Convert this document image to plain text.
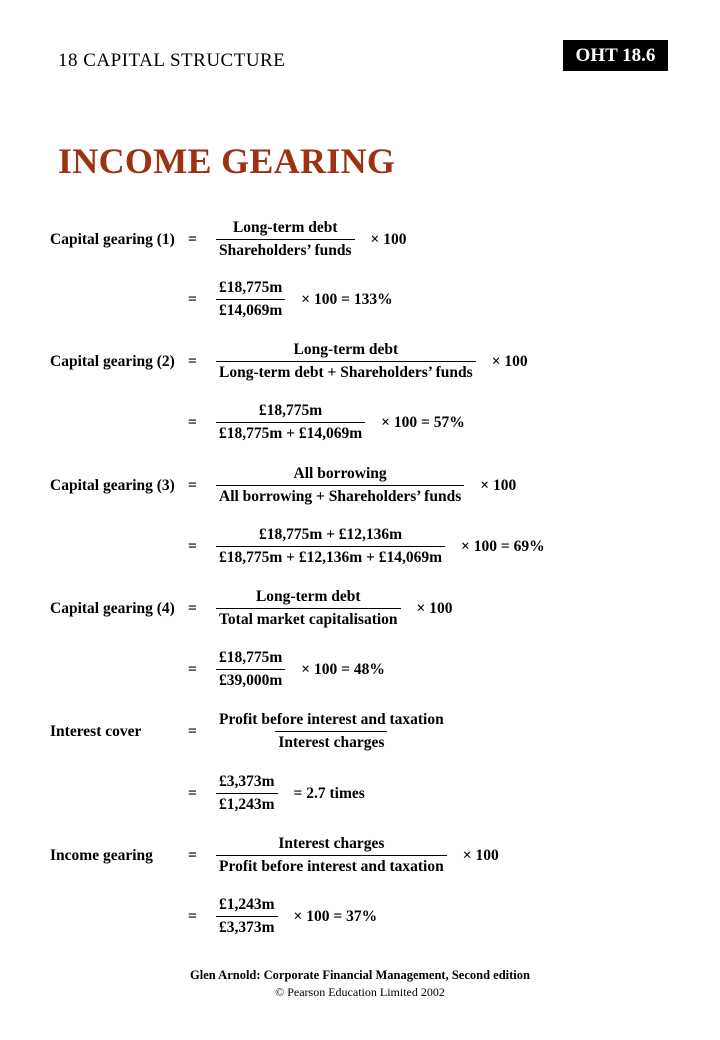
18 CAPITAL STRUCTURE	OHT 18.6
INCOME GEARING
Capital gearing $(1) = \frac{\text{Long-term debt}}{\text{Shareholders’ funds}} \times 100$
= $\frac{£18,775m}{£14,069m} \times 100 = 133\%$
Capital gearing $(2) = \frac{\text{Long-term debt}}{\text{Long-term debt + Shareholders’ funds}} \times 100$
= $\frac{£18,775m}{£18,775m + £14,069m} \times 100 = 57\%$
Capital gearing $(3) = \frac{\text{All borrowing}}{\text{All borrowing + Shareholders’ funds}} \times 100$
= $\frac{£18,775m + £12,136m}{£18,775m + £12,136m + £14,069m} \times 100 = 69\%$
Capital gearing $(4) = \frac{\text{Long-term debt}}{\text{Total market capitalisation}} \times 100$
= $\frac{£18,775m}{£39,000m} \times 100 = 48\%$
Interest cover	= $\frac{\text{Profit before interest and taxation}}{\text{Interest charges}}$
= $\frac{£3,373m}{£1,243m} = 2.7$ times
Income gearing	= $\frac{\text{Interest charges}}{\text{Profit before interest and taxation}} \times 100$
= $\frac{£1,243m}{£3,373m} \times 100 = 37\%$
Glen Arnold: Corporate Financial Management, Second edition
© Pearson Education Limited 2002
